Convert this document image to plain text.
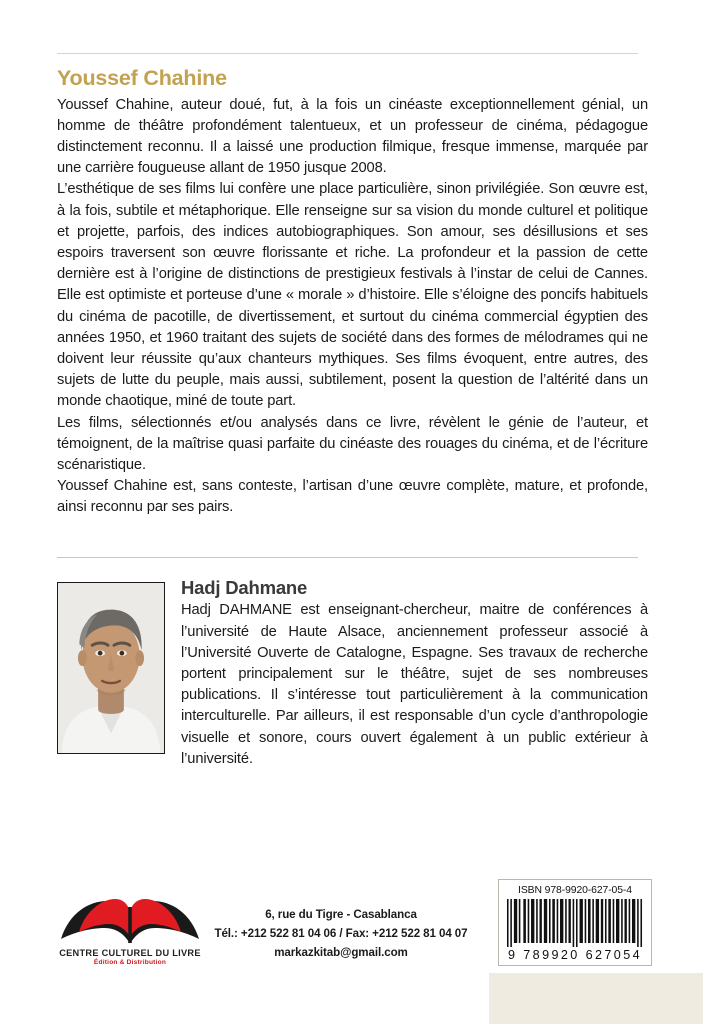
Youssef Chahine

Youssef Chahine, auteur doué, fut, à la fois un cinéaste exceptionnellement génial, un homme de théâtre profondément talentueux, et un professeur de cinéma, pédagogue distinctement reconnu. Il a laissé une production filmique, fresque immense, marquée par une carrière fougueuse allant de 1950 jusque 2008.

L’esthétique de ses films lui confère une place particulière, sinon privilégiée. Son œuvre est, à la fois, subtile et métaphorique. Elle renseigne sur sa vision du monde culturel et politique et projette, parfois, des indices autobiographiques. Son amour, ses désillusions et ses espoirs traversent son œuvre florissante et riche. La profondeur et la passion de cette dernière est à l’origine de distinctions de prestigieux festivals à l’instar de celui de Cannes. Elle est optimiste et porteuse d’une « morale » d’histoire. Elle s’éloigne des poncifs habituels du cinéma de pacotille, de divertissement, et surtout du cinéma commercial égyptien des années 1950, et 1960 traitant des sujets de société dans des formes de mélodrames qui ne doivent leur réussite qu’aux chanteurs mythiques. Ses films évoquent, entre autres, des sujets de lutte du peuple, mais aussi, subtilement, posent la question de l’altérité dans un monde chaotique, miné de toute part.

Les films, sélectionnés et/ou analysés dans ce livre, révèlent le génie de l’auteur, et témoignent, de la maîtrise quasi parfaite du cinéaste des rouages du cinéma, et de l’écriture scénaristique.

Youssef Chahine est, sans conteste, l’artisan d’une œuvre complète, mature, et profonde, ainsi reconnu par ses pairs.

Hadj Dahmane

Hadj DAHMANE est enseignant-chercheur, maitre de conférences à l’université de Haute Alsace, anciennement professeur associé à l’Université Ouverte de Catalogne, Espagne. Ses travaux de recherche portent principalement sur le théâtre, sujet de ses nombreuses publications. Il s’intéresse tout particulièrement à la communication interculturelle. Par ailleurs, il est responsable d’un cycle d’anthropologie visuelle et sonore, cours ouvert également à un public extérieur à l’université.

CENTRE CULTUREL DU LIVRE
Édition & Distribution
6, rue du Tigre - Casablanca
Tél.: +212 522 81 04 06 / Fax: +212 522 81 04 07
markazkitab@gmail.com
ISBN 978-9920-627-05-4
9 789920 627054
